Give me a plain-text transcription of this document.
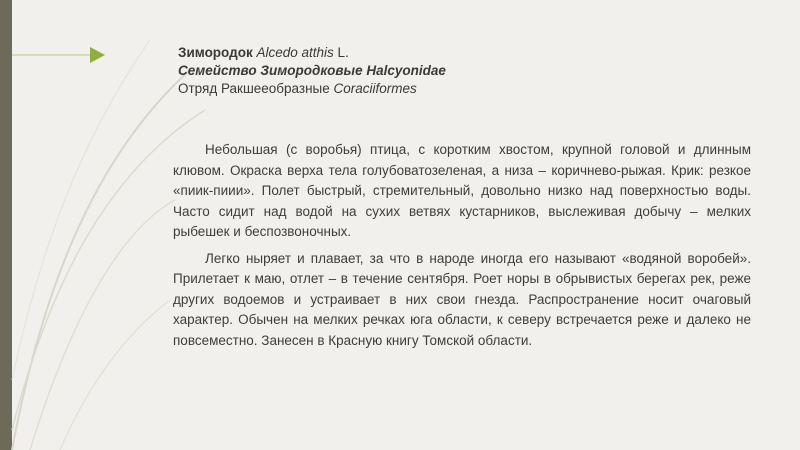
Зимородок Alcedo atthis L.
Семейство Зимородковые Halcyonidae
Отряд Ракшееобразные Coraciiformes

Небольшая (с воробья) птица, с коротким хвостом, крупной головой и длинным клювом. Окраска верха тела голубоватозеленая, а низа – коричнево-рыжая. Крик: резкое «пиик-пиии». Полет быстрый, стремительный, довольно низко над поверхностью воды. Часто сидит над водой на сухих ветвях кустарников, выслеживая добычу – мелких рыбешек и беспозвоночных.

Легко ныряет и плавает, за что в народе иногда его называют «водяной воробей». Прилетает к маю, отлет – в течение сентября. Роет норы в обрывистых берегах рек, реже других водоемов и устраивает в них свои гнезда. Распространение носит очаговый характер. Обычен на мелких речках юга области, к северу встречается реже и далеко не повсеместно. Занесен в Красную книгу Томской области.
